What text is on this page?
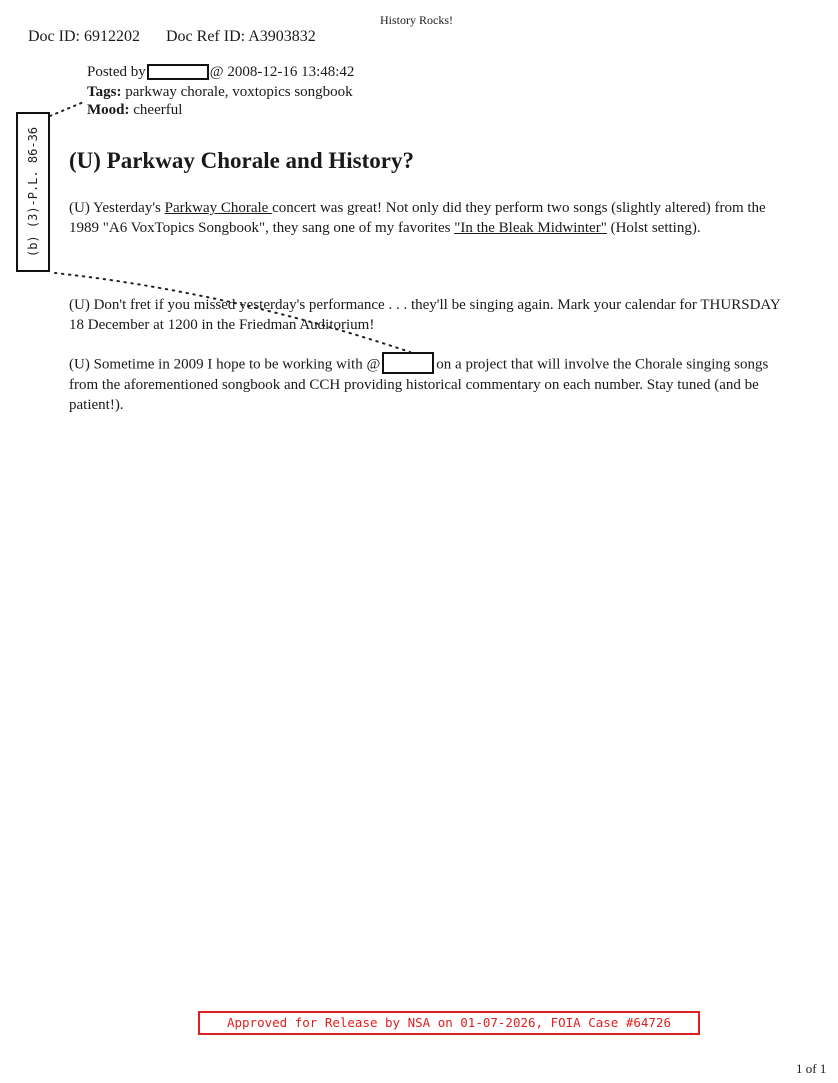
History Rocks!
Doc ID: 6912202 Doc Ref ID: A3903832
Posted by	@ 2008-12-16 13:48:42
Tags: parkway chorale, voxtopics songbook
Mood: cheerful
(b) (3)-P.L. 86-36 (U) Parkway Chorale and History?

(U) Yesterday's Parkway Chorale concert was great! Not only did they perform two songs (slightly altered) from the 1989 "A6 VoxTopics Songbook", they sang one of my favorites "In the Bleak Midwinter" (Holst setting).

(U) Don't fret if you missed yesterday's performance . . . they'll be singing again. Mark your calendar for THURSDAY 18 December at 1200 in the Friedman Auditorium!

(U) Sometime in 2009 I hope to be working with @	on a project that will involve the Chorale singing songs from the aforementioned songbook and CCH providing historical commentary on each number. Stay tuned (and be patient!).

Approved for Release by NSA on 01-07-2026, FOIA Case #64726
1 of 1
